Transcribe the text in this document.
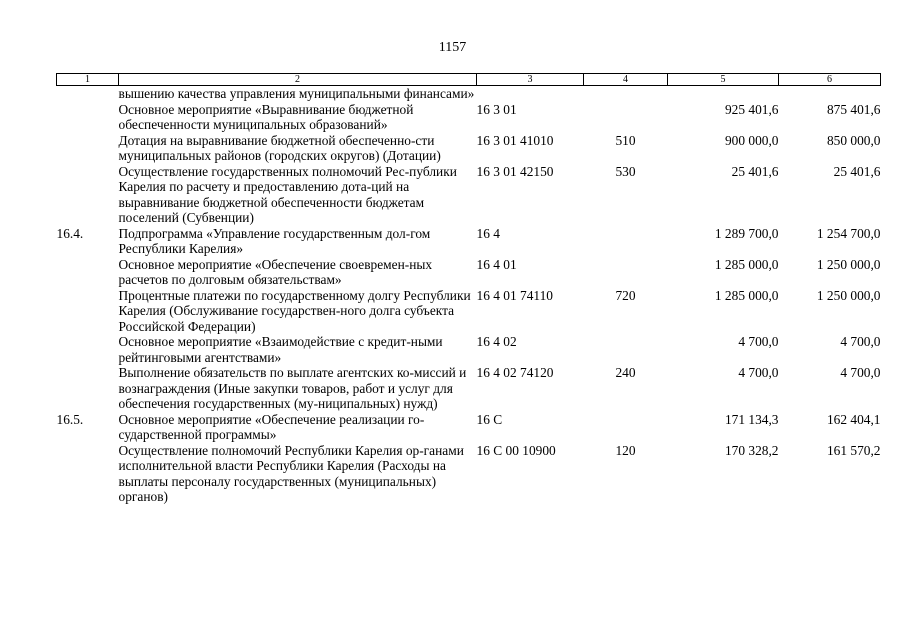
1157
1	2	3	4	5	6
	вышению качества управления муниципальными финансами»				
	Основное мероприятие «Выравнивание бюджетной обеспеченности муниципальных образований»	16 3 01		925 401,6	875 401,6
	Дотация на выравнивание бюджетной обеспеченно-сти муниципальных районов (городских округов) (Дотации)	16 3 01 41010	510	900 000,0	850 000,0
	Осуществление государственных полномочий Рес-публики Карелия по расчету и предоставлению дота-ций на выравнивание бюджетной обеспеченности бюджетам поселений (Субвенции)	16 3 01 42150	530	25 401,6	25 401,6
16.4.	Подпрограмма «Управление государственным дол-гом Республики Карелия»	16 4		1 289 700,0	1 254 700,0
	Основное мероприятие «Обеспечение своевремен-ных расчетов по долговым обязательствам»	16 4 01		1 285 000,0	1 250 000,0
	Процентные платежи по государственному долгу Республики Карелия (Обслуживание государствен-ного долга субъекта Российской Федерации)	16 4 01 74110	720	1 285 000,0	1 250 000,0
	Основное мероприятие «Взаимодействие с кредит-ными рейтинговыми агентствами»	16 4 02		4 700,0	4 700,0
	Выполнение обязательств по выплате агентских ко-миссий и вознаграждения (Иные закупки товаров, работ и услуг для обеспечения государственных (му-ниципальных) нужд)	16 4 02 74120	240	4 700,0	4 700,0
16.5.	Основное мероприятие «Обеспечение реализации го-сударственной программы»	16 С		171 134,3	162 404,1
	Осуществление полномочий Республики Карелия ор-ганами исполнительной власти Республики Карелия (Расходы на выплаты персоналу государственных (муниципальных) органов)	16 С 00 10900	120	170 328,2	161 570,2
